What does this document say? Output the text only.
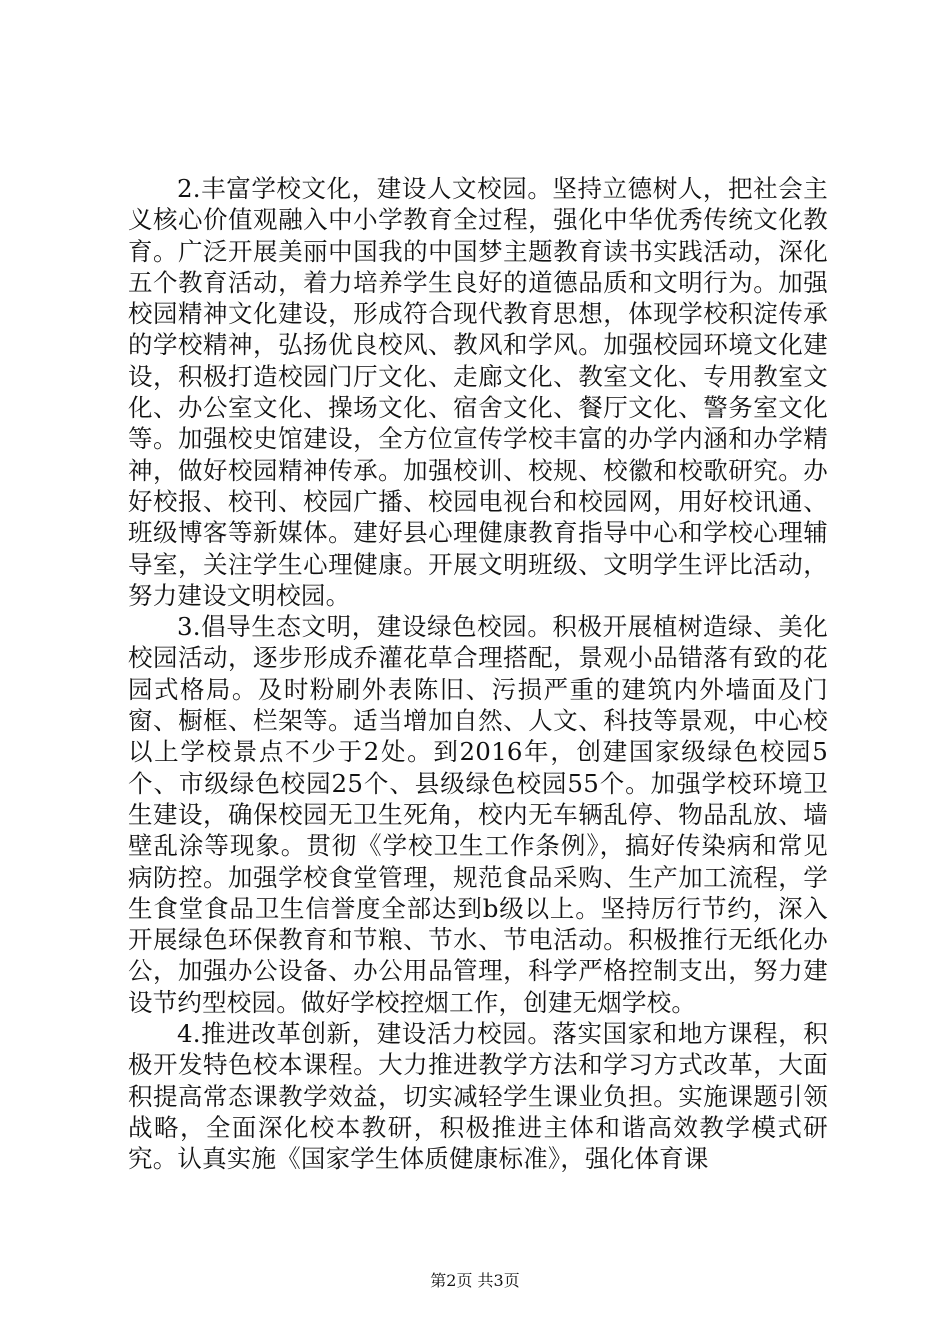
2.丰富学校文化，建设人文校园。坚持立德树人，把社会主义核心价值观融入中小学教育全过程，强化中华优秀传统文化教育。广泛开展美丽中国我的中国梦主题教育读书实践活动，深化五个教育活动，着力培养学生良好的道德品质和文明行为。加强校园精神文化建设，形成符合现代教育思想，体现学校积淀传承的学校精神，弘扬优良校风、教风和学风。加强校园环境文化建设，积极打造校园门厅文化、走廊文化、教室文化、专用教室文化、办公室文化、操场文化、宿舍文化、餐厅文化、警务室文化等。加强校史馆建设，全方位宣传学校丰富的办学内涵和办学精神，做好校园精神传承。加强校训、校规、校徽和校歌研究。办好校报、校刊、校园广播、校园电视台和校园网，用好校讯通、班级博客等新媒体。建好县心理健康教育指导中心和学校心理辅导室，关注学生心理健康。开展文明班级、文明学生评比活动，努力建设文明校园。

3.倡导生态文明，建设绿色校园。积极开展植树造绿、美化校园活动，逐步形成乔灌花草合理搭配，景观小品错落有致的花园式格局。及时粉刷外表陈旧、污损严重的建筑内外墙面及门窗、橱框、栏架等。适当增加自然、人文、科技等景观，中心校以上学校景点不少于2处。到2016年，创建国家级绿色校园5个、市级绿色校园25个、县级绿色校园55个。加强学校环境卫生建设，确保校园无卫生死角，校内无车辆乱停、物品乱放、墙壁乱涂等现象。贯彻《学校卫生工作条例》，搞好传染病和常见病防控。加强学校食堂管理，规范食品采购、生产加工流程，学生食堂食品卫生信誉度全部达到b级以上。坚持厉行节约，深入开展绿色环保教育和节粮、节水、节电活动。积极推行无纸化办公，加强办公设备、办公用品管理，科学严格控制支出，努力建设节约型校园。做好学校控烟工作，创建无烟学校。

4.推进改革创新，建设活力校园。落实国家和地方课程，积极开发特色校本课程。大力推进教学方法和学习方式改革，大面积提高常态课教学效益，切实减轻学生课业负担。实施课题引领战略，全面深化校本教研，积极推进主体和谐高效教学模式研究。认真实施《国家学生体质健康标准》，强化体育课

第2页 共3页
